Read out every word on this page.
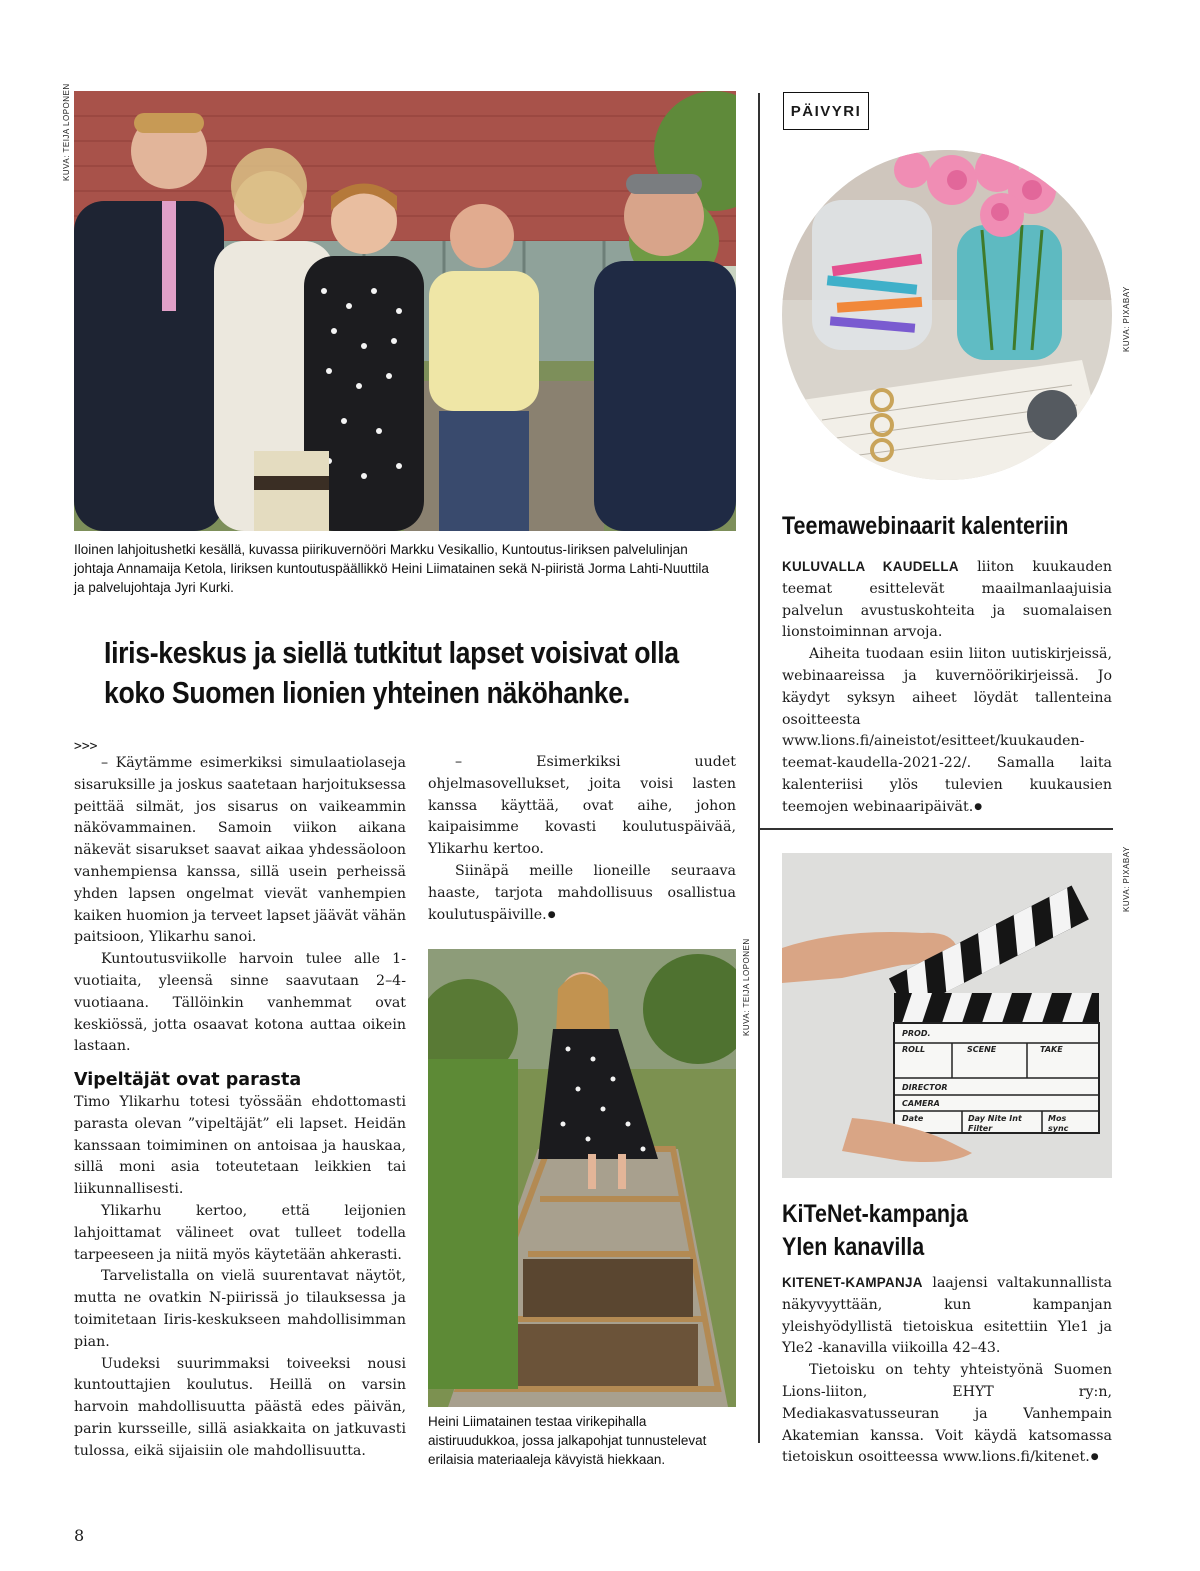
KUVA: TEIJA LOPONEN
Iloinen lahjoitushetki kesällä, kuvassa piirikuvernööri Markku Vesikallio, Kuntoutus-Iiriksen palvelulinjan johtaja Annamaija Ketola, Iiriksen kuntoutuspäällikkö Heini Liimatainen sekä N-piiristä Jorma Lahti-Nuuttila ja palvelujohtaja Jyri Kurki.
Iiris-keskus ja siellä tutkitut lapset voisivat olla koko Suomen lionien yhteinen näköhanke.

>>>

– Käytämme esimerkiksi simulaatiolaseja sisaruksille ja joskus saatetaan harjoituksessa peittää silmät, jos sisarus on vaikeammin näkövammainen. Samoin viikon aikana näkevät sisarukset saavat aikaa yhdessäoloon vanhempiensa kanssa, sillä usein perheissä yhden lapsen ongelmat vievät vanhempien kaiken huomion ja terveet lapset jäävät vähän paitsioon, Ylikarhu sanoi.

Kuntoutusviikolle harvoin tulee alle 1-vuotiaita, yleensä sinne saavutaan 2–4-vuotiaana. Tällöinkin vanhemmat ovat keskiössä, jotta osaavat kotona auttaa oikein lastaan.

Vipeltäjät ovat parasta

Timo Ylikarhu totesi työssään ehdottomasti parasta olevan ”vipeltäjät” eli lapset. Heidän kanssaan toimiminen on antoisaa ja hauskaa, sillä moni asia toteutetaan leikkien tai liikunnallisesti.

Ylikarhu kertoo, että leijonien lahjoittamat välineet ovat tulleet todella tarpeeseen ja niitä myös käytetään ahkerasti.

Tarvelistalla on vielä suurentavat näytöt, mutta ne ovatkin N-piirissä jo tilauksessa ja toimitetaan Iiris-keskukseen mahdollisimman pian.

Uudeksi suurimmaksi toiveeksi nousi kuntouttajien koulutus. Heillä on varsin harvoin mahdollisuutta päästä edes päivän, parin kursseille, sillä asiakkaita on jatkuvasti tulossa, eikä sijaisiin ole mahdollisuutta.

– Esimerkiksi uudet ohjelmasovellukset, joita voisi lasten kanssa käyttää, ovat aihe, johon kaipaisimme kovasti koulutuspäivää, Ylikarhu kertoo.

Siinäpä meille lioneille seuraava haaste, tarjota mahdollisuus osallistua koulutuspäiville. ●

KUVA: TEIJA LOPONEN
Heini Liimatainen testaa virikepihalla aistiruudukkoa, jossa jalkapohjat tunnustelevat erilaisia materiaaleja kävyistä hiekkaan.
8
PÄIVYRI
KUVA: PIXABAY
Teemawebinaarit kalenteriin

KULUVALLA KAUDELLA liiton kuukauden teemat esittelevät maailmanlaajuisia palvelun avustuskohteita ja suomalaisen lionstoiminnan arvoja.

Aiheita tuodaan esiin liiton uutiskirjeissä, webinaareissa ja kuvernöörikirjeissä. Jo käydyt syksyn aiheet löydät tallenteina osoitteesta www.lions.fi/aineistot/esitteet/kuukauden-teemat-kaudella-2021-22/. Samalla laita kalenteriisi ylös tulevien kuukausien teemojen webinaaripäivät. ●

KUVA: PIXABAY
PROD.
ROLL	SCENE	TAKE
DIRECTOR
CAMERA
Date	Day Nite Int
Filter
Mos
sync
KiTeNet-kampanja
Ylen kanavilla

KITENET-KAMPANJA laajensi valtakunnallista näkyvyyttään, kun kampanjan yleishyödyllistä tietoiskua esitettiin Yle1 ja Yle2 -kanavilla viikoilla 42–43.

Tietoisku on tehty yhteistyönä Suomen Lions-liiton, EHYT ry:n, Mediakasvatusseuran ja Vanhempain Akatemian kanssa. Voit käydä katsomassa tietoiskun osoitteessa www.lions.fi/kitenet. ●
